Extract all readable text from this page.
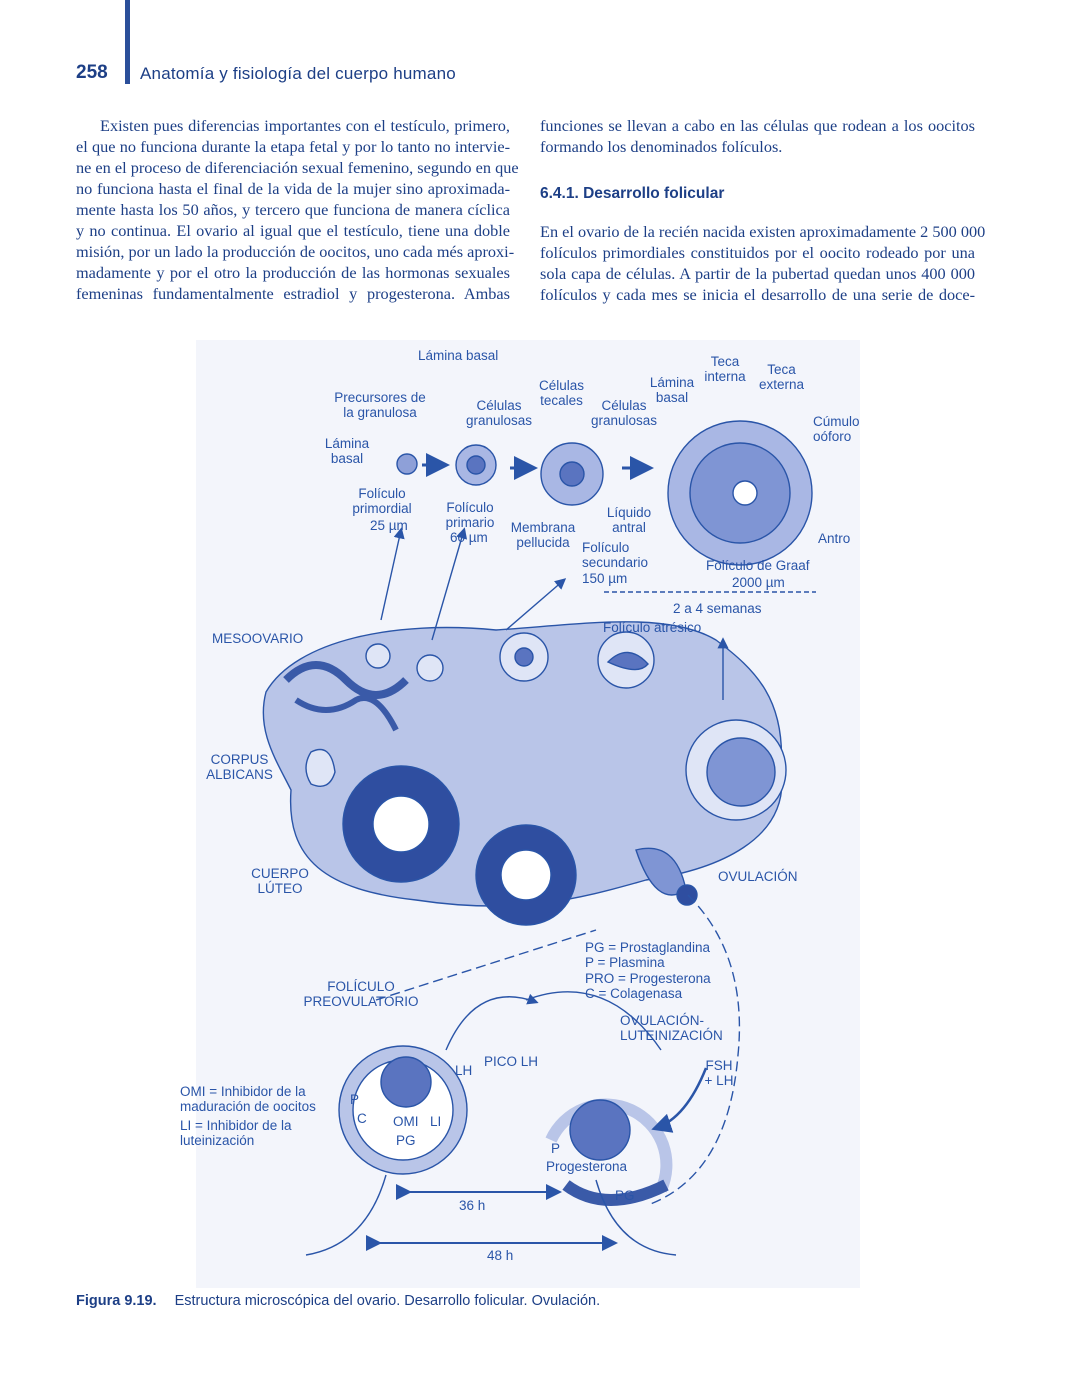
258 Anatomía y fisiología del cuerpo humano
Existen pues diferencias importantes con el testículo, primero,
el que no funciona durante la etapa fetal y por lo tanto no intervie-
ne en el proceso de diferenciación sexual femenino, segundo en que
no funciona hasta el final de la vida de la mujer sino aproximada-
mente hasta los 50 años, y tercero que funciona de manera cíclica
y no continua. El ovario al igual que el testículo, tiene una doble
misión, por un lado la producción de oocitos, uno cada més aproxi-
madamente y por el otro la producción de las hormonas sexuales
femeninas fundamentalmente estradiol y progesterona. Ambas
funciones se llevan a cabo en las células que rodean a los oocitos
formando los denominados folículos.
6.4.1. Desarrollo folicular
En el ovario de la recién nacida existen aproximadamente 2 500 000
folículos primordiales constituidos por el oocito rodeado por una
sola capa de células. A partir de la pubertad quedan unos 400 000
folículos y cada mes se inicia el desarrollo de una serie de doce-
Lámina basal
Precursores de la granulosa
Lámina basal
Células granulosas
Células tecales	Células granulosas
Lámina basal
Teca interna	Teca externa
Cúmulo oóforo
Folículo primordial
25 µm
Folículo primario
60 µm
Membrana pellucida
Líquido antral
Folículo secundario
150 µm
Antro
Folículo de Graaf
2000 µm
2 a 4 semanas
Folículo atrésico
MESOOVARIO
CORPUS ALBICANS
CUERPO LÚTEO
OVULACIÓN
PG = Prostaglandina
P = Plasmina
PRO = Progesterona
C = Colagenasa
FOLÍCULO PREOVULATORIO
OVULACIÓN- LUTEINIZACIÓN
FSH + LH
LH
PICO LH
OMI = Inhibidor de la maduración de oocitos
LI = Inhibidor de la luteinización
P
C OMI LI
PG
P
Progesterona
PG
36 h
48 h
Figura 9.19. Estructura microscópica del ovario. Desarrollo folicular. Ovulación.
